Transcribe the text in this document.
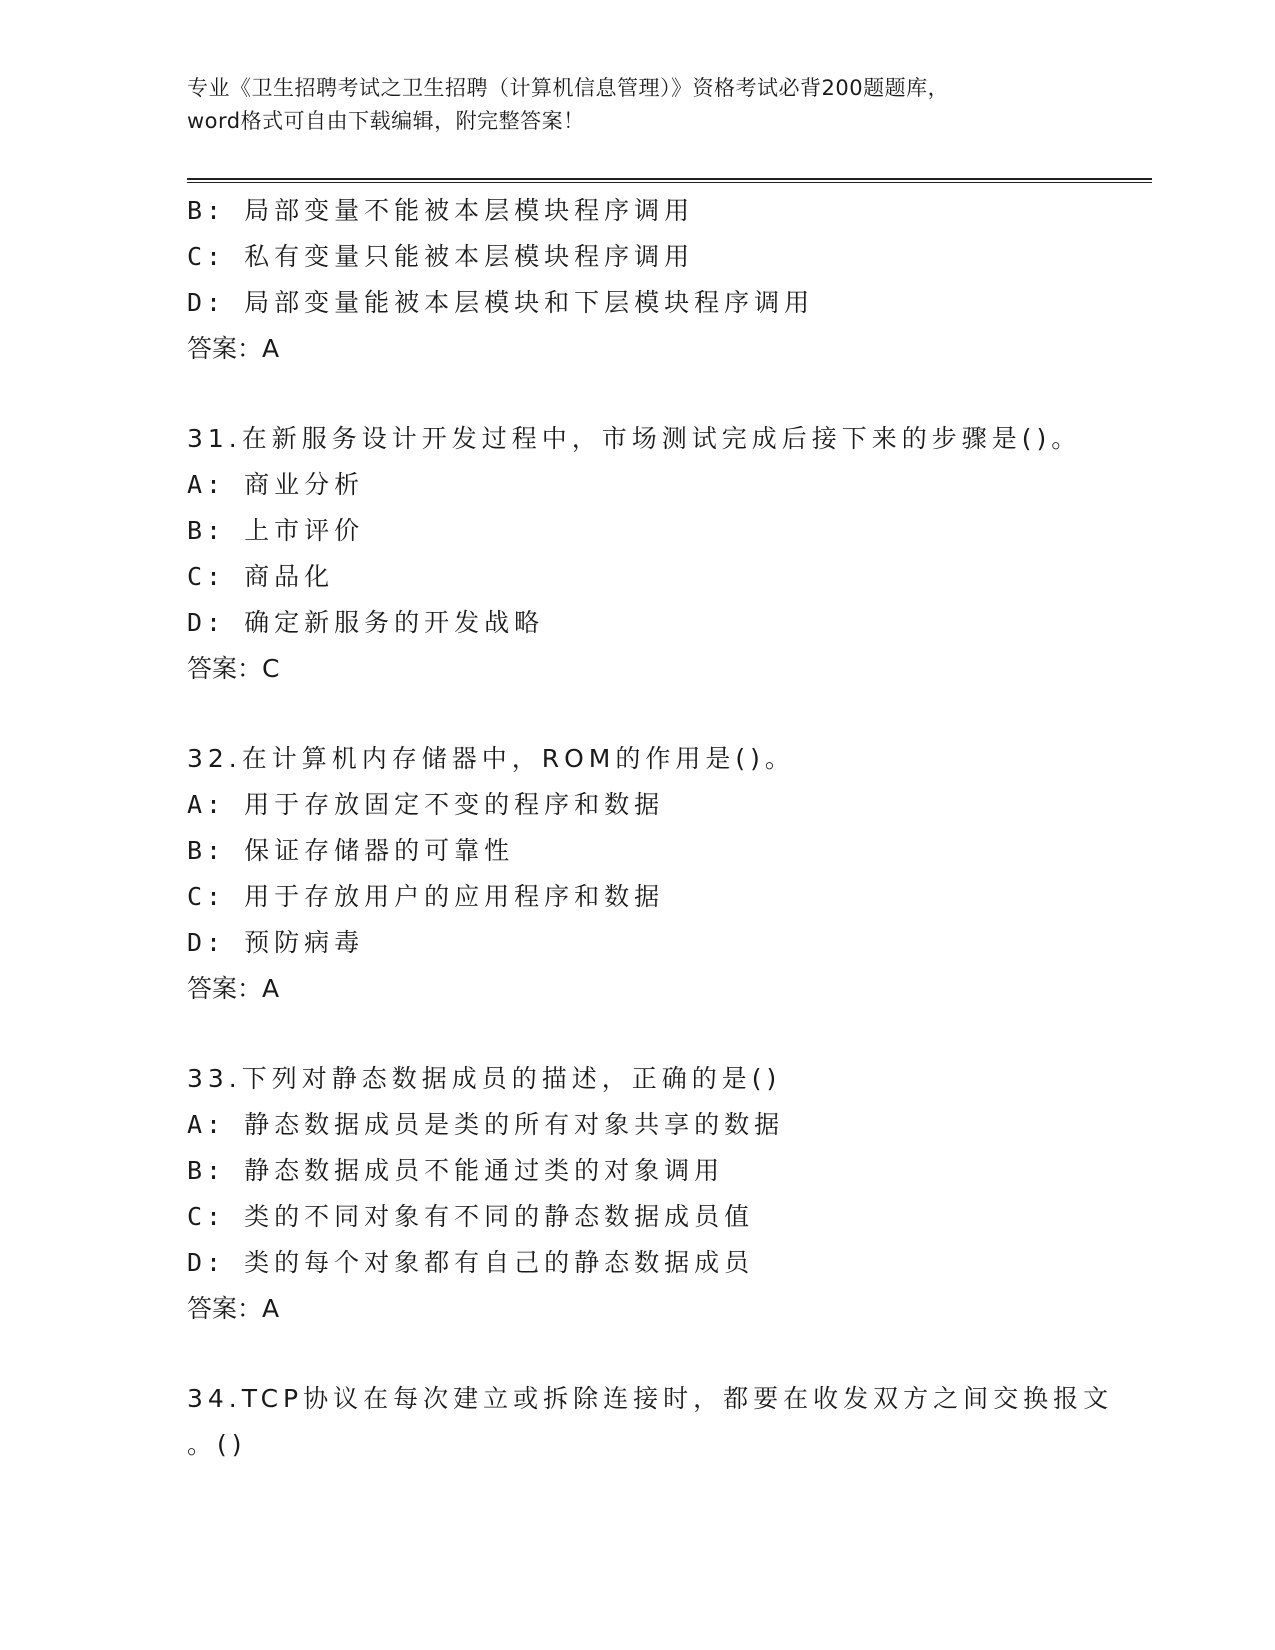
专业《卫生招聘考试之卫生招聘（计算机信息管理）》资格考试必背200题题库，
word格式可自由下载编辑，附完整答案！
B: 局部变量不能被本层模块程序调用
C: 私有变量只能被本层模块程序调用
D: 局部变量能被本层模块和下层模块程序调用
答案：A
31.在新服务设计开发过程中，市场测试完成后接下来的步骤是()。
A: 商业分析
B: 上市评价
C: 商品化
D: 确定新服务的开发战略
答案：C
32.在计算机内存储器中，ROM的作用是()。
A: 用于存放固定不变的程序和数据
B: 保证存储器的可靠性
C: 用于存放用户的应用程序和数据
D: 预防病毒
答案：A
33.下列对静态数据成员的描述，正确的是()
A: 静态数据成员是类的所有对象共享的数据
B: 静态数据成员不能通过类的对象调用
C: 类的不同对象有不同的静态数据成员值
D: 类的每个对象都有自己的静态数据成员
答案：A
34.TCP协议在每次建立或拆除连接时，都要在收发双方之间交换报文
。()
